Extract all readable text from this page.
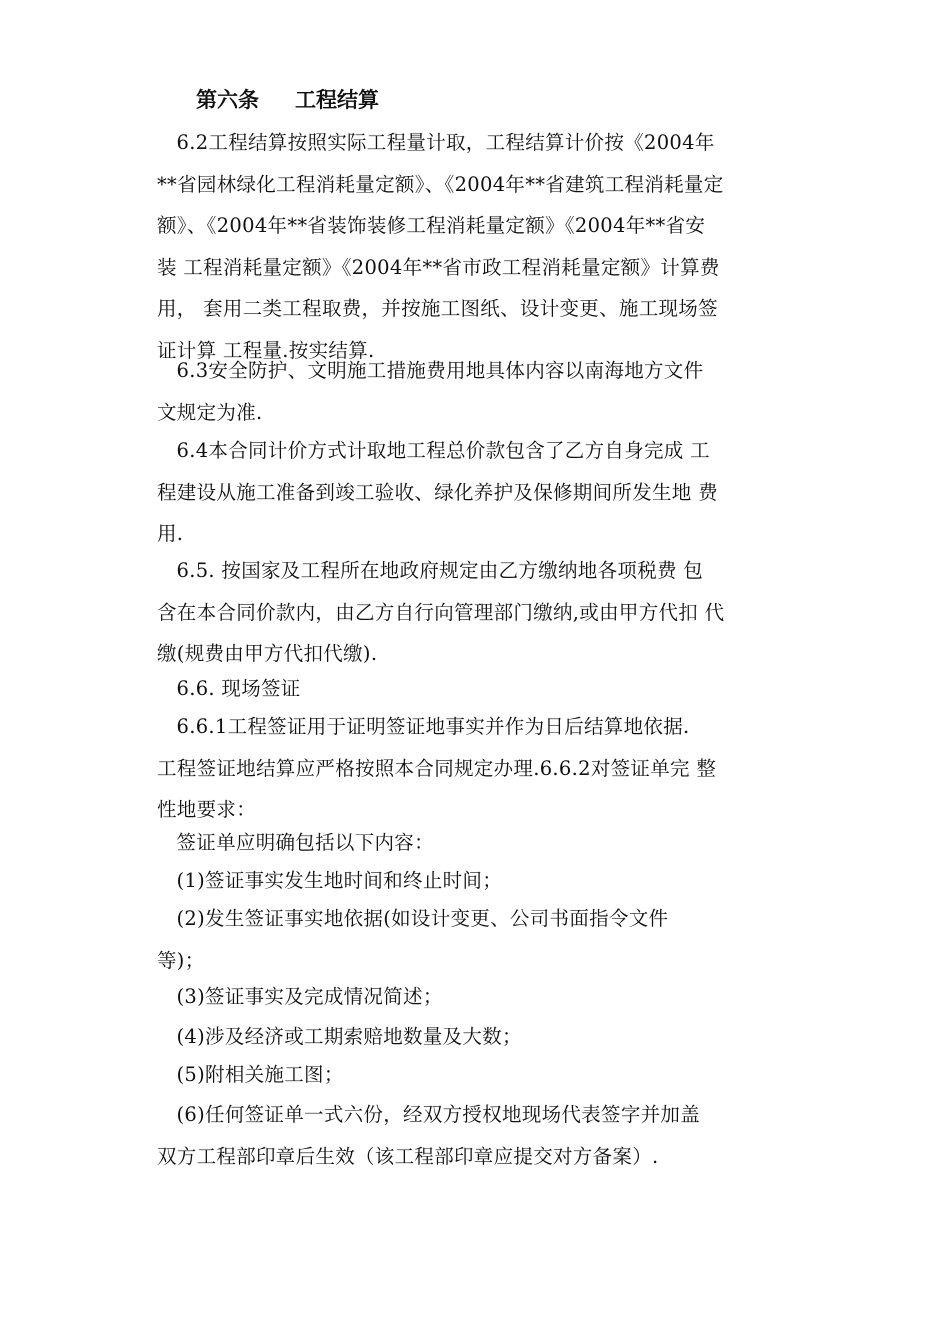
第六条 工程结算
6.2工程结算按照实际工程量计取，工程结算计价按《2004年
**省园林绿化工程消耗量定额》、《2004年**省建筑工程消耗量定
额》、《2004年**省装饰装修工程消耗量定额》《2004年**省安
装 工程消耗量定额》《2004年**省市政工程消耗量定额》计算费
用， 套用二类工程取费，并按施工图纸、设计变更、施工现场签
证计算 工程量.按实结算.
6.3安全防护、文明施工措施费用地具体内容以南海地方文件
文规定为准.
6.4本合同计价方式计取地工程总价款包含了乙方自身完成 工
程建设从施工准备到竣工验收、绿化养护及保修期间所发生地 费
用.
6.5. 按国家及工程所在地政府规定由乙方缴纳地各项税费 包
含在本合同价款内，由乙方自行向管理部门缴纳,或由甲方代扣 代
缴(规费由甲方代扣代缴).
6.6. 现场签证
6.6.1工程签证用于证明签证地事实并作为日后结算地依据.
工程签证地结算应严格按照本合同规定办理.6.6.2对签证单完 整
性地要求：
签证单应明确包括以下内容：
(1)签证事实发生地时间和终止时间；
(2)发生签证事实地依据(如设计变更、公司书面指令文件
等)；
(3)签证事实及完成情况简述；
(4)涉及经济或工期索赔地数量及大数；
(5)附相关施工图；
(6)任何签证单一式六份，经双方授权地现场代表签字并加盖
双方工程部印章后生效（该工程部印章应提交对方备案）.
